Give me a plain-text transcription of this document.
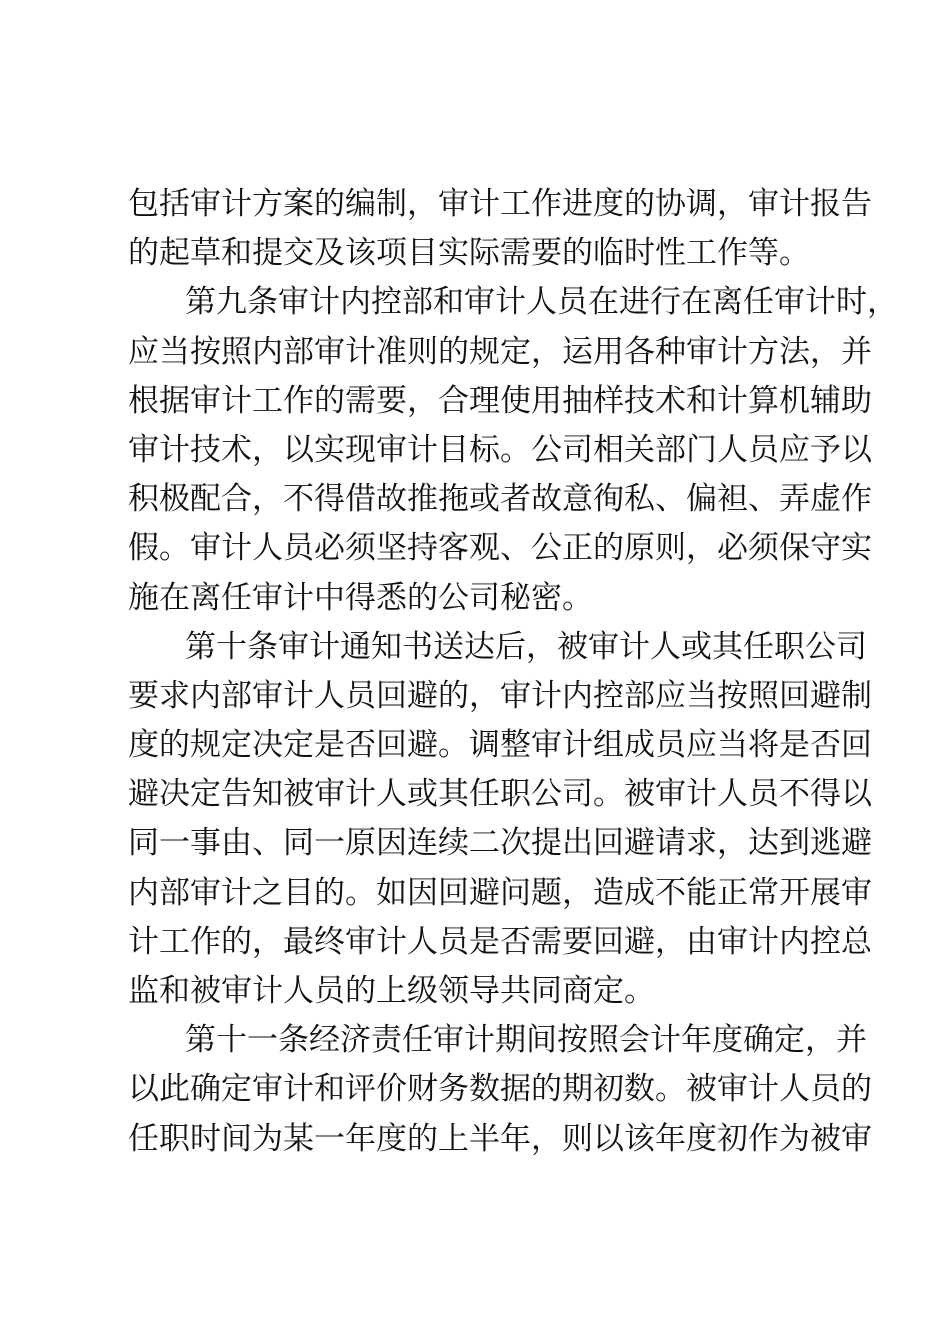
包括审计方案的编制，审计工作进度的协调，审计报告
的起草和提交及该项目实际需要的临时性工作等。
第九条审计内控部和审计人员在进行在离任审计时，
应当按照内部审计准则的规定，运用各种审计方法，并
根据审计工作的需要，合理使用抽样技术和计算机辅助
审计技术，以实现审计目标。公司相关部门人员应予以
积极配合，不得借故推拖或者故意徇私、偏袒、弄虚作
假。审计人员必须坚持客观、公正的原则，必须保守实
施在离任审计中得悉的公司秘密。
第十条审计通知书送达后，被审计人或其任职公司
要求内部审计人员回避的，审计内控部应当按照回避制
度的规定决定是否回避。调整审计组成员应当将是否回
避决定告知被审计人或其任职公司。被审计人员不得以
同一事由、同一原因连续二次提出回避请求，达到逃避
内部审计之目的。如因回避问题，造成不能正常开展审
计工作的，最终审计人员是否需要回避，由审计内控总
监和被审计人员的上级领导共同商定。
第十一条经济责任审计期间按照会计年度确定，并
以此确定审计和评价财务数据的期初数。被审计人员的
任职时间为某一年度的上半年，则以该年度初作为被审
